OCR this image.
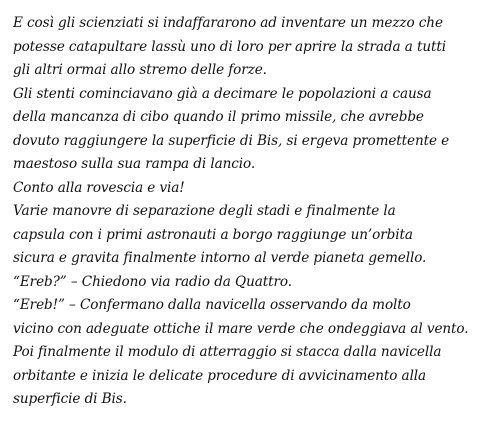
E così gli scienziati si indaffararono ad inventare un mezzo che
potesse catapultare lassù uno di loro per aprire la strada a tutti
gli altri ormai allo stremo delle forze.
Gli stenti cominciavano già a decimare le popolazioni a causa
della mancanza di cibo quando il primo missile, che avrebbe
dovuto raggiungere la superficie di Bis, si ergeva promettente e
maestoso sulla sua rampa di lancio.
Conto alla rovescia e via!
Varie manovre di separazione degli stadi e finalmente la
capsula con i primi astronauti a borgo raggiunge un’orbita
sicura e gravita finalmente intorno al verde pianeta gemello.
“Ereb?” – Chiedono via radio da Quattro.
“Ereb!” – Confermano dalla navicella osservando da molto
vicino con adeguate ottiche il mare verde che ondeggiava al vento.
Poi finalmente il modulo di atterraggio si stacca dalla navicella
orbitante e inizia le delicate procedure di avvicinamento alla
superficie di Bis.
